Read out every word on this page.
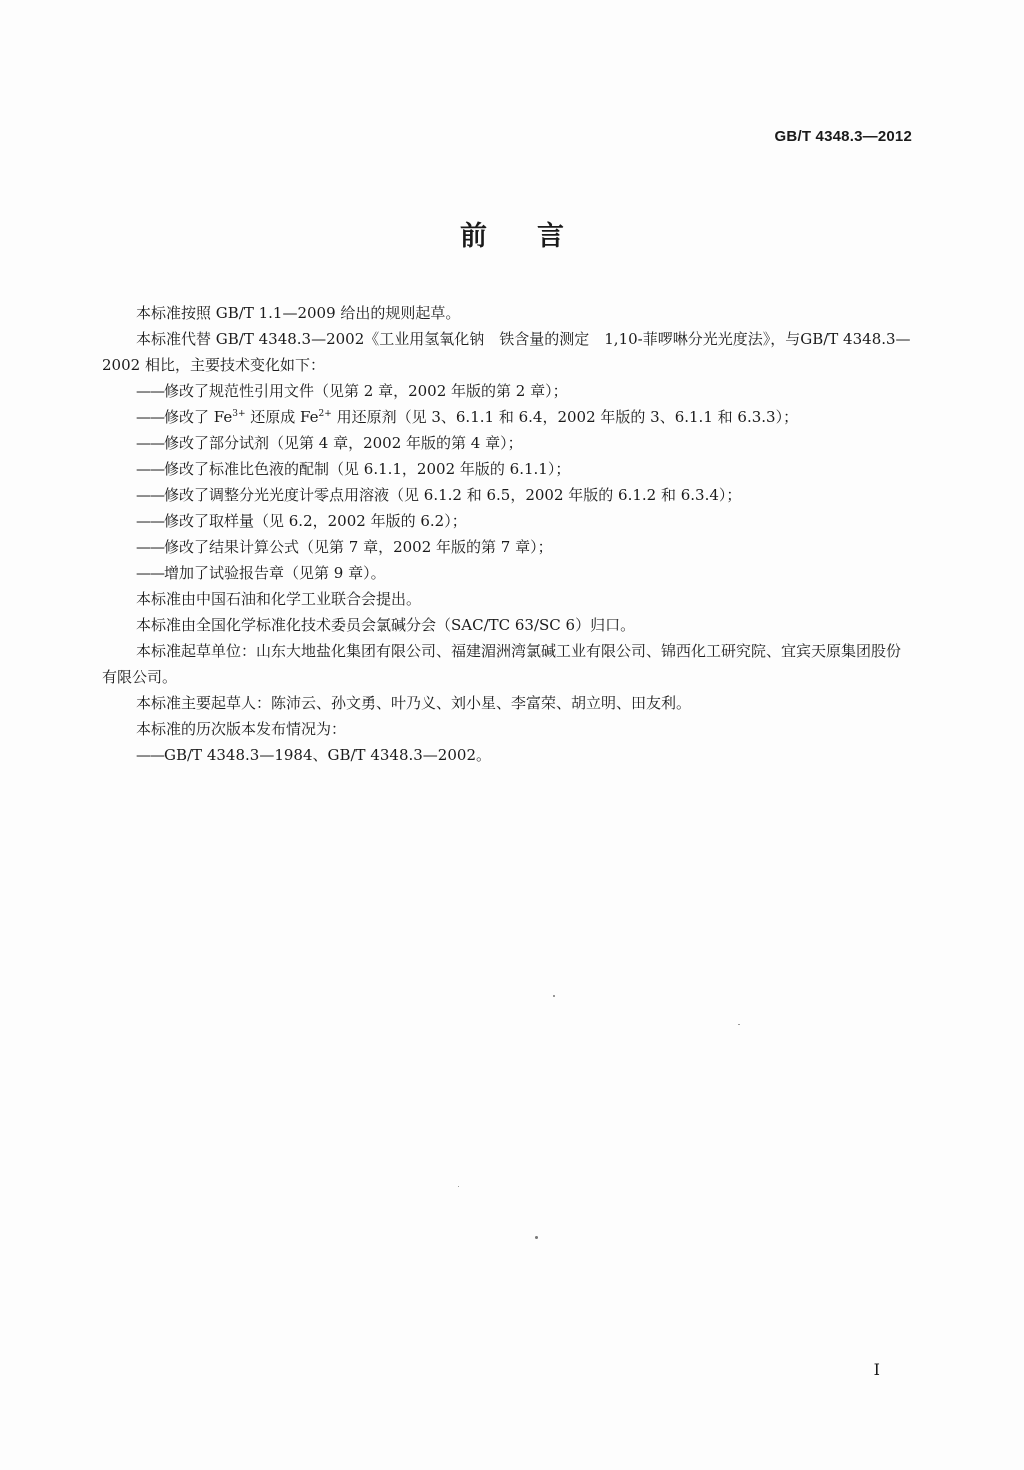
GB/T 4348.3—2012
前言

本标准按照 GB/T 1.1—2009 给出的规则起草。

本标准代替 GB/T 4348.3—2002《工业用氢氧化钠　铁含量的测定　1,10-菲啰啉分光光度法》，与GB/T 4348.3—2002 相比，主要技术变化如下：

——修改了规范性引用文件（见第 2 章，2002 年版的第 2 章）；

——修改了 $Fe^{3+}$ 还原成 $Fe^{2+}$ 用还原剂（见 3、6.1.1 和 6.4，2002 年版的 3、6.1.1 和 6.3.3）；

——修改了部分试剂（见第 4 章，2002 年版的第 4 章）；

——修改了标准比色液的配制（见 6.1.1，2002 年版的 6.1.1）；

——修改了调整分光光度计零点用溶液（见 6.1.2 和 6.5，2002 年版的 6.1.2 和 6.3.4）；

——修改了取样量（见 6.2，2002 年版的 6.2）；

——修改了结果计算公式（见第 7 章，2002 年版的第 7 章）；

——增加了试验报告章（见第 9 章）。

本标准由中国石油和化学工业联合会提出。

本标准由全国化学标准化技术委员会氯碱分会（SAC/TC 63/SC 6）归口。

本标准起草单位：山东大地盐化集团有限公司、福建湄洲湾氯碱工业有限公司、锦西化工研究院、宜宾天原集团股份有限公司。

本标准主要起草人：陈沛云、孙文勇、叶乃义、刘小星、李富荣、胡立明、田友利。

本标准的历次版本发布情况为：

——GB/T 4348.3—1984、GB/T 4348.3—2002。

I
